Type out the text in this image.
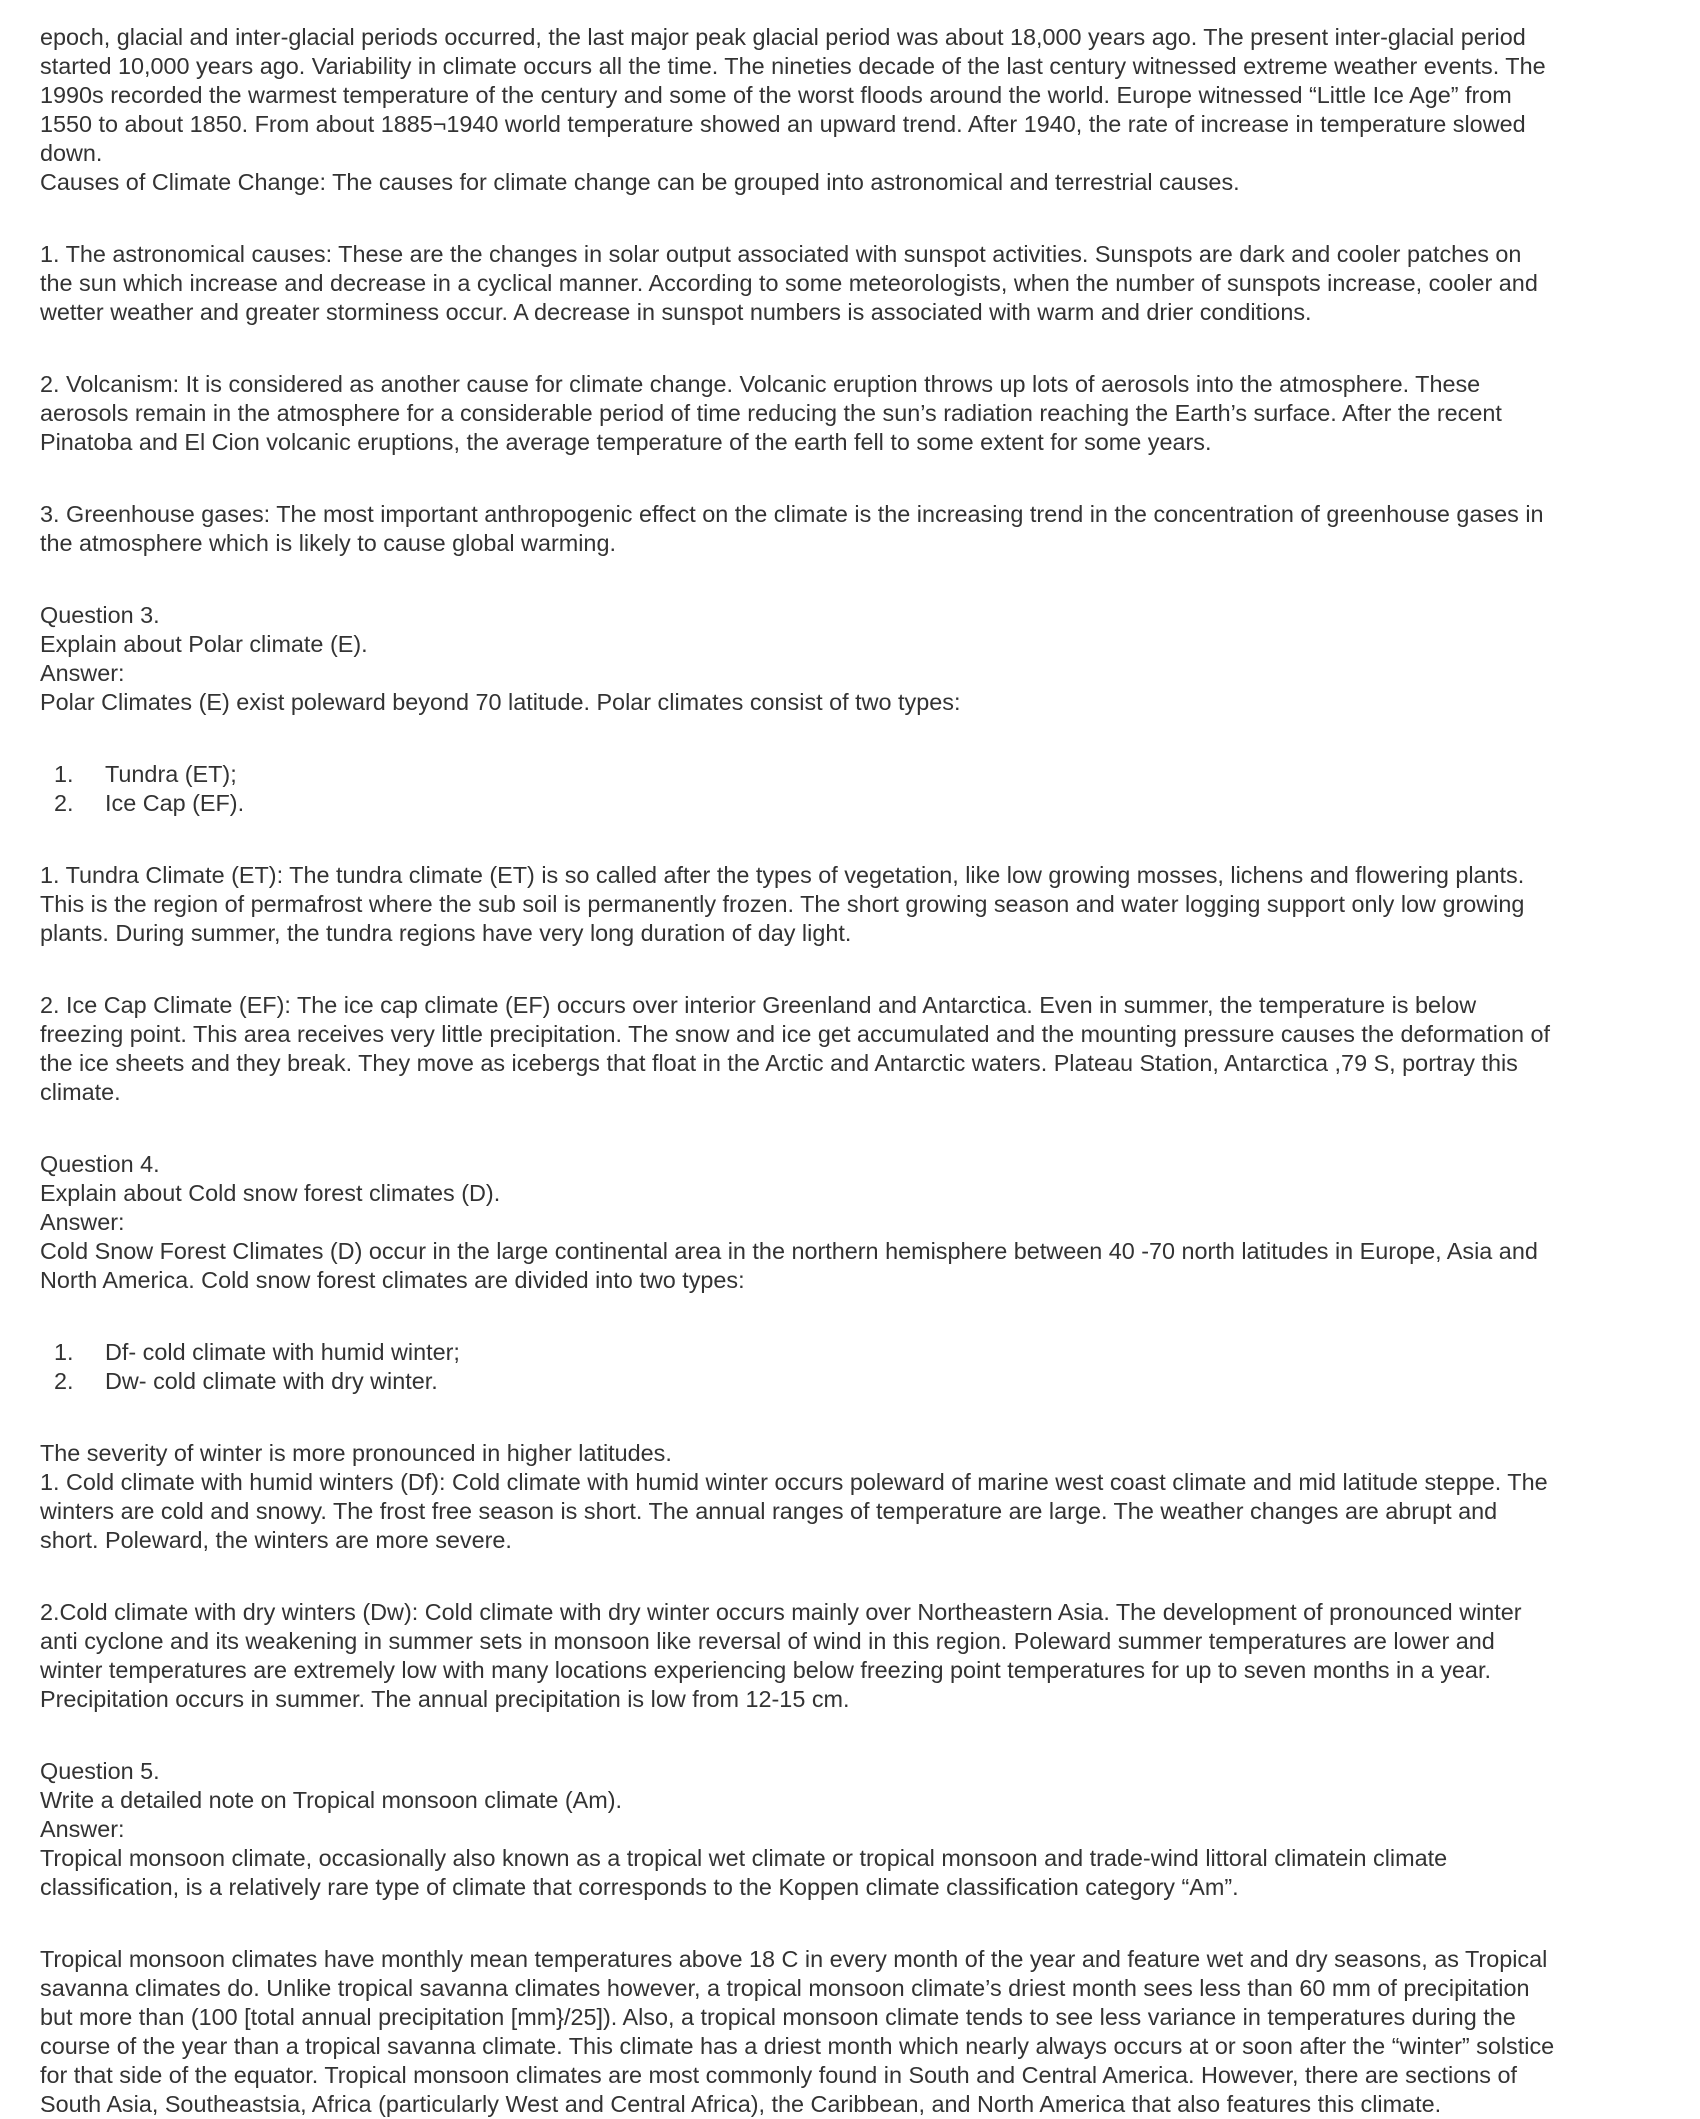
epoch, glacial and inter-glacial periods occurred, the last major peak glacial period was about 18,000 years ago. The present inter-glacial period
started 10,000 years ago. Variability in climate occurs all the time. The nineties decade of the last century witnessed extreme weather events. The
1990s recorded the warmest temperature of the century and some of the worst floods around the world. Europe witnessed “Little Ice Age” from
1550 to about 1850. From about 1885¬1940 world temperature showed an upward trend. After 1940, the rate of increase in temperature slowed
down.
Causes of Climate Change: The causes for climate change can be grouped into astronomical and terrestrial causes.

1. The astronomical causes: These are the changes in solar output associated with sunspot activities. Sunspots are dark and cooler patches on
the sun which increase and decrease in a cyclical manner. According to some meteorologists, when the number of sunspots increase, cooler and
wetter weather and greater storminess occur. A decrease in sunspot numbers is associated with warm and drier conditions.

2. Volcanism: It is considered as another cause for climate change. Volcanic eruption throws up lots of aerosols into the atmosphere. These
aerosols remain in the atmosphere for a considerable period of time reducing the sun’s radiation reaching the Earth’s surface. After the recent
Pinatoba and El Cion volcanic eruptions, the average temperature of the earth fell to some extent for some years.

3. Greenhouse gases: The most important anthropogenic effect on the climate is the increasing trend in the concentration of greenhouse gases in
the atmosphere which is likely to cause global warming.

Question 3.
Explain about Polar climate (E).
Answer:
Polar Climates (E) exist poleward beyond 70 latitude. Polar climates consist of two types:

1. Tundra (ET);
2. Ice Cap (EF).

1. Tundra Climate (ET): The tundra climate (ET) is so called after the types of vegetation, like low growing mosses, lichens and flowering plants.
This is the region of permafrost where the sub soil is permanently frozen. The short growing season and water logging support only low growing
plants. During summer, the tundra regions have very long duration of day light.

2. Ice Cap Climate (EF): The ice cap climate (EF) occurs over interior Greenland and Antarctica. Even in summer, the temperature is below
freezing point. This area receives very little precipitation. The snow and ice get accumulated and the mounting pressure causes the deformation of
the ice sheets and they break. They move as icebergs that float in the Arctic and Antarctic waters. Plateau Station, Antarctica ,79 S, portray this
climate.

Question 4.
Explain about Cold snow forest climates (D).
Answer:
Cold Snow Forest Climates (D) occur in the large continental area in the northern hemisphere between 40 -70 north latitudes in Europe, Asia and
North America. Cold snow forest climates are divided into two types:

1. Df- cold climate with humid winter;
2. Dw- cold climate with dry winter.

The severity of winter is more pronounced in higher latitudes.
1. Cold climate with humid winters (Df): Cold climate with humid winter occurs poleward of marine west coast climate and mid latitude steppe. The
winters are cold and snowy. The frost free season is short. The annual ranges of temperature are large. The weather changes are abrupt and
short. Poleward, the winters are more severe.

2.Cold climate with dry winters (Dw): Cold climate with dry winter occurs mainly over Northeastern Asia. The development of pronounced winter
anti cyclone and its weakening in summer sets in monsoon like reversal of wind in this region. Poleward summer temperatures are lower and
winter temperatures are extremely low with many locations experiencing below freezing point temperatures for up to seven months in a year.
Precipitation occurs in summer. The annual precipitation is low from 12-15 cm.

Question 5.
Write a detailed note on Tropical monsoon climate (Am).
Answer:
Tropical monsoon climate, occasionally also known as a tropical wet climate or tropical monsoon and trade-wind littoral climatein climate
classification, is a relatively rare type of climate that corresponds to the Koppen climate classification category “Am”.

Tropical monsoon climates have monthly mean temperatures above 18 C in every month of the year and feature wet and dry seasons, as Tropical
savanna climates do. Unlike tropical savanna climates however, a tropical monsoon climate’s driest month sees less than 60 mm of precipitation
but more than (100 [total annual precipitation [mm}/25]). Also, a tropical monsoon climate tends to see less variance in temperatures during the
course of the year than a tropical savanna climate. This climate has a driest month which nearly always occurs at or soon after the “winter” solstice
for that side of the equator. Tropical monsoon climates are most commonly found in South and Central America. However, there are sections of
South Asia, Southeastsia, Africa (particularly West and Central Africa), the Caribbean, and North America that also features this climate.
